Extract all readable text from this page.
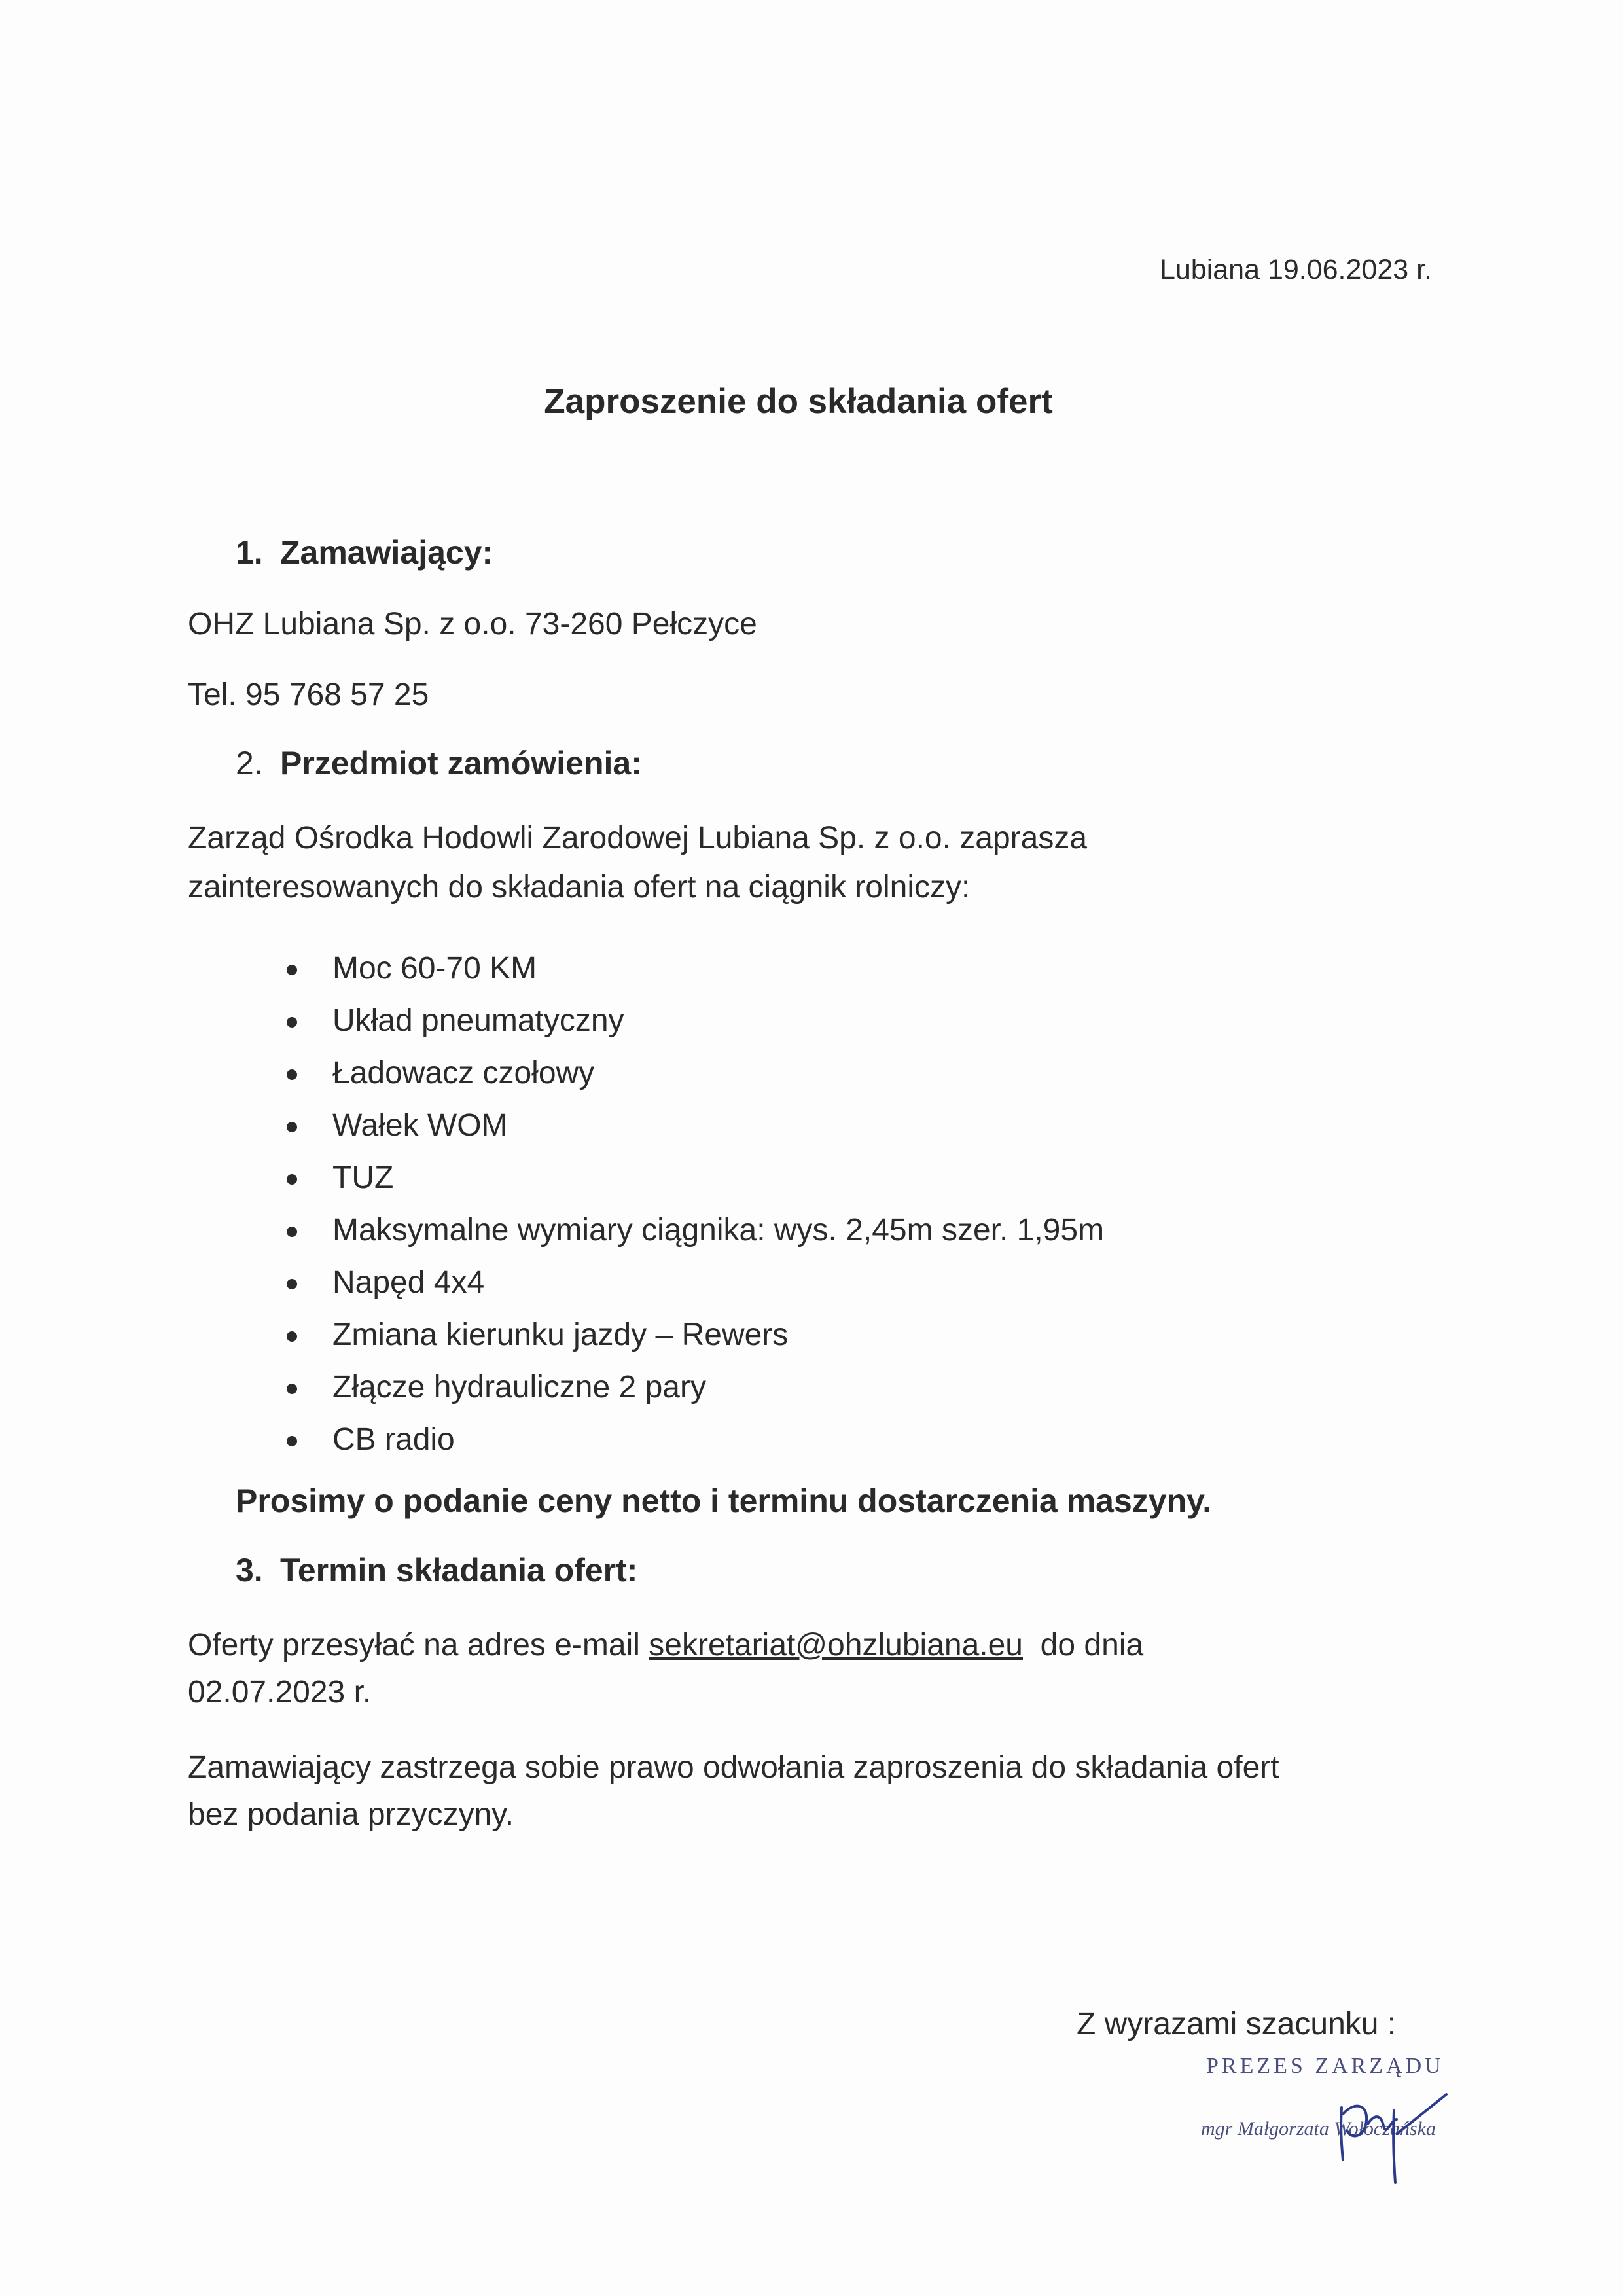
Lubiana 19.06.2023 r.
Zaproszenie do składania ofert
1. Zamawiający:
OHZ Lubiana Sp. z o.o. 73-260 Pełczyce
Tel. 95 768 57 25
2. Przedmiot zamówienia:
Zarząd Ośrodka Hodowli Zarodowej Lubiana Sp. z o.o. zaprasza
zainteresowanych do składania ofert na ciągnik rolniczy:
Moc 60-70 KM
Układ pneumatyczny
Ładowacz czołowy
Wałek WOM
TUZ
Maksymalne wymiary ciągnika: wys. 2,45m szer. 1,95m
Napęd 4x4
Zmiana kierunku jazdy – Rewers
Złącze hydrauliczne 2 pary
CB radio
Prosimy o podanie ceny netto i terminu dostarczenia maszyny.
3. Termin składania ofert:
Oferty przesyłać na adres e-mail sekretariat@ohzlubiana.eu do dnia
02.07.2023 r.
Zamawiający zastrzega sobie prawo odwołania zaproszenia do składania ofert
bez podania przyczyny.
Z wyrazami szacunku :
PREZES ZARZĄDU
mgr Małgorzata Wołoczańska
